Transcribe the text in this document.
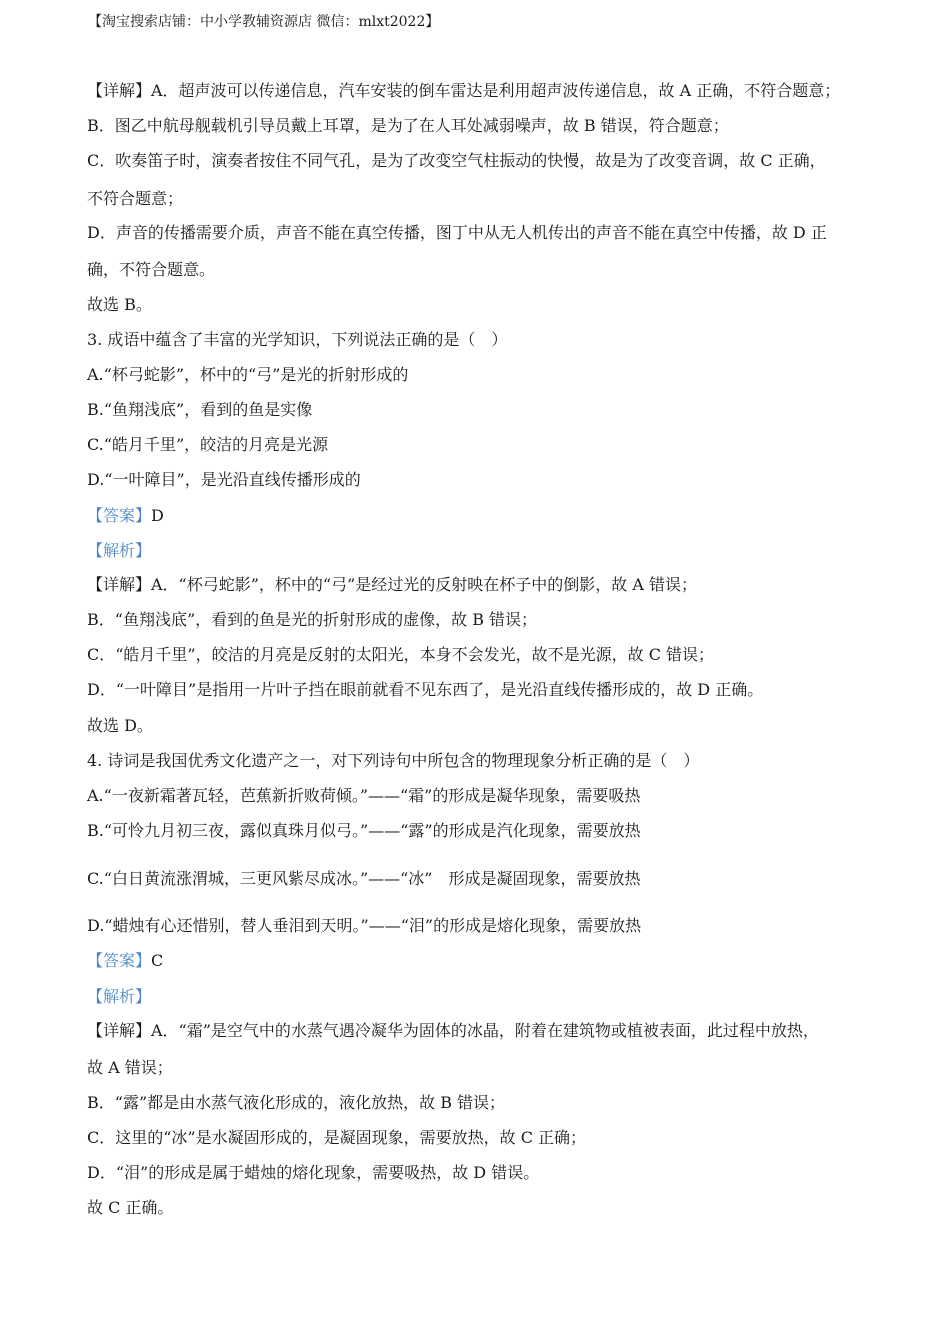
【淘宝搜索店铺：中小学教辅资源店 微信：mlxt2022】
【详解】A．超声波可以传递信息，汽车安装的倒车雷达是利用超声波传递信息，故 A 正确，不符合题意；
B．图乙中航母舰载机引导员戴上耳罩，是为了在人耳处减弱噪声，故 B 错误，符合题意；
C．吹奏笛子时，演奏者按住不同气孔，是为了改变空气柱振动的快慢，故是为了改变音调，故 C 正确，
不符合题意；
D．声音的传播需要介质，声音不能在真空传播，图丁中从无人机传出的声音不能在真空中传播，故 D 正
确，不符合题意。
故选 B。
3. 成语中蕴含了丰富的光学知识，下列说法正确的是（　）
A.“杯弓蛇影”，杯中的“弓”是光的折射形成的
B.“鱼翔浅底”，看到的鱼是实像
C.“皓月千里”，皎洁的月亮是光源
D.“一叶障目”，是光沿直线传播形成的
【答案】D
【解析】
【详解】A．“杯弓蛇影”，杯中的“弓”是经过光的反射映在杯子中的倒影，故 A 错误；
B．“鱼翔浅底”，看到的鱼是光的折射形成的虚像，故 B 错误；
C．“皓月千里”，皎洁的月亮是反射的太阳光，本身不会发光，故不是光源，故 C 错误；
D．“一叶障目”是指用一片叶子挡在眼前就看不见东西了，是光沿直线传播形成的，故 D 正确。
故选 D。
4. 诗词是我国优秀文化遗产之一，对下列诗句中所包含的物理现象分析正确的是（　）
A.“一夜新霜著瓦轻，芭蕉新折败荷倾。”——“霜”的形成是凝华现象，需要吸热
B.“可怜九月初三夜，露似真珠月似弓。”——“露”的形成是汽化现象，需要放热
C.“白日黄流涨渭城，三更风紫尽成冰。”——“冰”　形成是凝固现象，需要放热
D.“蜡烛有心还惜别，替人垂泪到天明。”——“泪”的形成是熔化现象，需要放热
【答案】C
【解析】
【详解】A．“霜”是空气中的水蒸气遇冷凝华为固体的冰晶，附着在建筑物或植被表面，此过程中放热，
故 A 错误；
B．“露”都是由水蒸气液化形成的，液化放热，故 B 错误；
C．这里的“冰”是水凝固形成的，是凝固现象，需要放热，故 C 正确；
D．“泪”的形成是属于蜡烛的熔化现象，需要吸热，故 D 错误。
故 C 正确。
